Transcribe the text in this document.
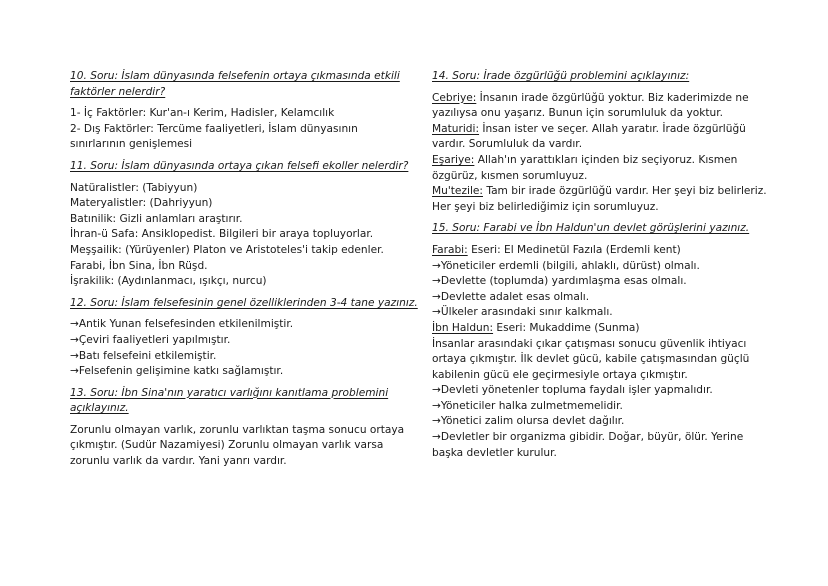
10. Soru: İslam dünyasında felsefenin ortaya çıkmasında etkili
faktörler nelerdir?
1- İç Faktörler: Kur'an-ı Kerim, Hadisler, Kelamcılık
2- Dış Faktörler: Tercüme faaliyetleri, İslam dünyasının
sınırlarının genişlemesi
11. Soru: İslam dünyasında ortaya çıkan felsefi ekoller nelerdir?
Natüralistler: (Tabiyyun)
Materyalistler: (Dahriyyun)
Batınilik: Gizli anlamları araştırır.
İhran-ü Safa: Ansiklopedist. Bilgileri bir araya topluyorlar.
Meşşailik: (Yürüyenler) Platon ve Aristoteles'i takip edenler.
Farabi, İbn Sina, İbn Rüşd.
İşrakilik: (Aydınlanmacı, ışıkçı, nurcu)
12. Soru: İslam felsefesinin genel özelliklerinden 3-4 tane yazınız.
→Antik Yunan felsefesinden etkilenilmiştir.
→Çeviri faaliyetleri yapılmıştır.
→Batı felsefeini etkilemiştir.
→Felsefenin gelişimine katkı sağlamıştır.
13. Soru: İbn Sina'nın yaratıcı varlığını kanıtlama problemini
açıklayınız.
Zorunlu olmayan varlık, zorunlu varlıktan taşma sonucu ortaya
çıkmıştır. (Sudür Nazamiyesi) Zorunlu olmayan varlık varsa
zorunlu varlık da vardır. Yani yanrı vardır.
14. Soru: İrade özgürlüğü problemini açıklayınız:
Cebriye: İnsanın irade özgürlüğü yoktur. Biz kaderimizde ne
yazılıysa onu yaşarız. Bunun için sorumluluk da yoktur.
Maturidi: İnsan ister ve seçer. Allah yaratır. İrade özgürlüğü
vardır. Sorumluluk da vardır.
Eşariye: Allah'ın yarattıkları içinden biz seçiyoruz. Kısmen
özgürüz, kısmen sorumluyuz.
Mu'tezile: Tam bir irade özgürlüğü vardır. Her şeyi biz belirleriz.
Her şeyi biz belirlediğimiz için sorumluyuz.
15. Soru: Farabi ve İbn Haldun'un devlet görüşlerini yazınız.
Farabi: Eseri: El Medinetül Fazıla (Erdemli kent)
→Yöneticiler erdemli (bilgili, ahlaklı, dürüst) olmalı.
→Devlette (toplumda) yardımlaşma esas olmalı.
→Devlette adalet esas olmalı.
→Ülkeler arasındaki sınır kalkmalı.
İbn Haldun: Eseri: Mukaddime (Sunma)
İnsanlar arasındaki çıkar çatışması sonucu güvenlik ihtiyacı
ortaya çıkmıştır. İlk devlet gücü, kabile çatışmasından güçlü
kabilenin gücü ele geçirmesiyle ortaya çıkmıştır.
→Devleti yönetenler topluma faydalı işler yapmalıdır.
→Yöneticiler halka zulmetmemelidir.
→Yönetici zalim olursa devlet dağılır.
→Devletler bir organizma gibidir. Doğar, büyür, ölür. Yerine
başka devletler kurulur.
